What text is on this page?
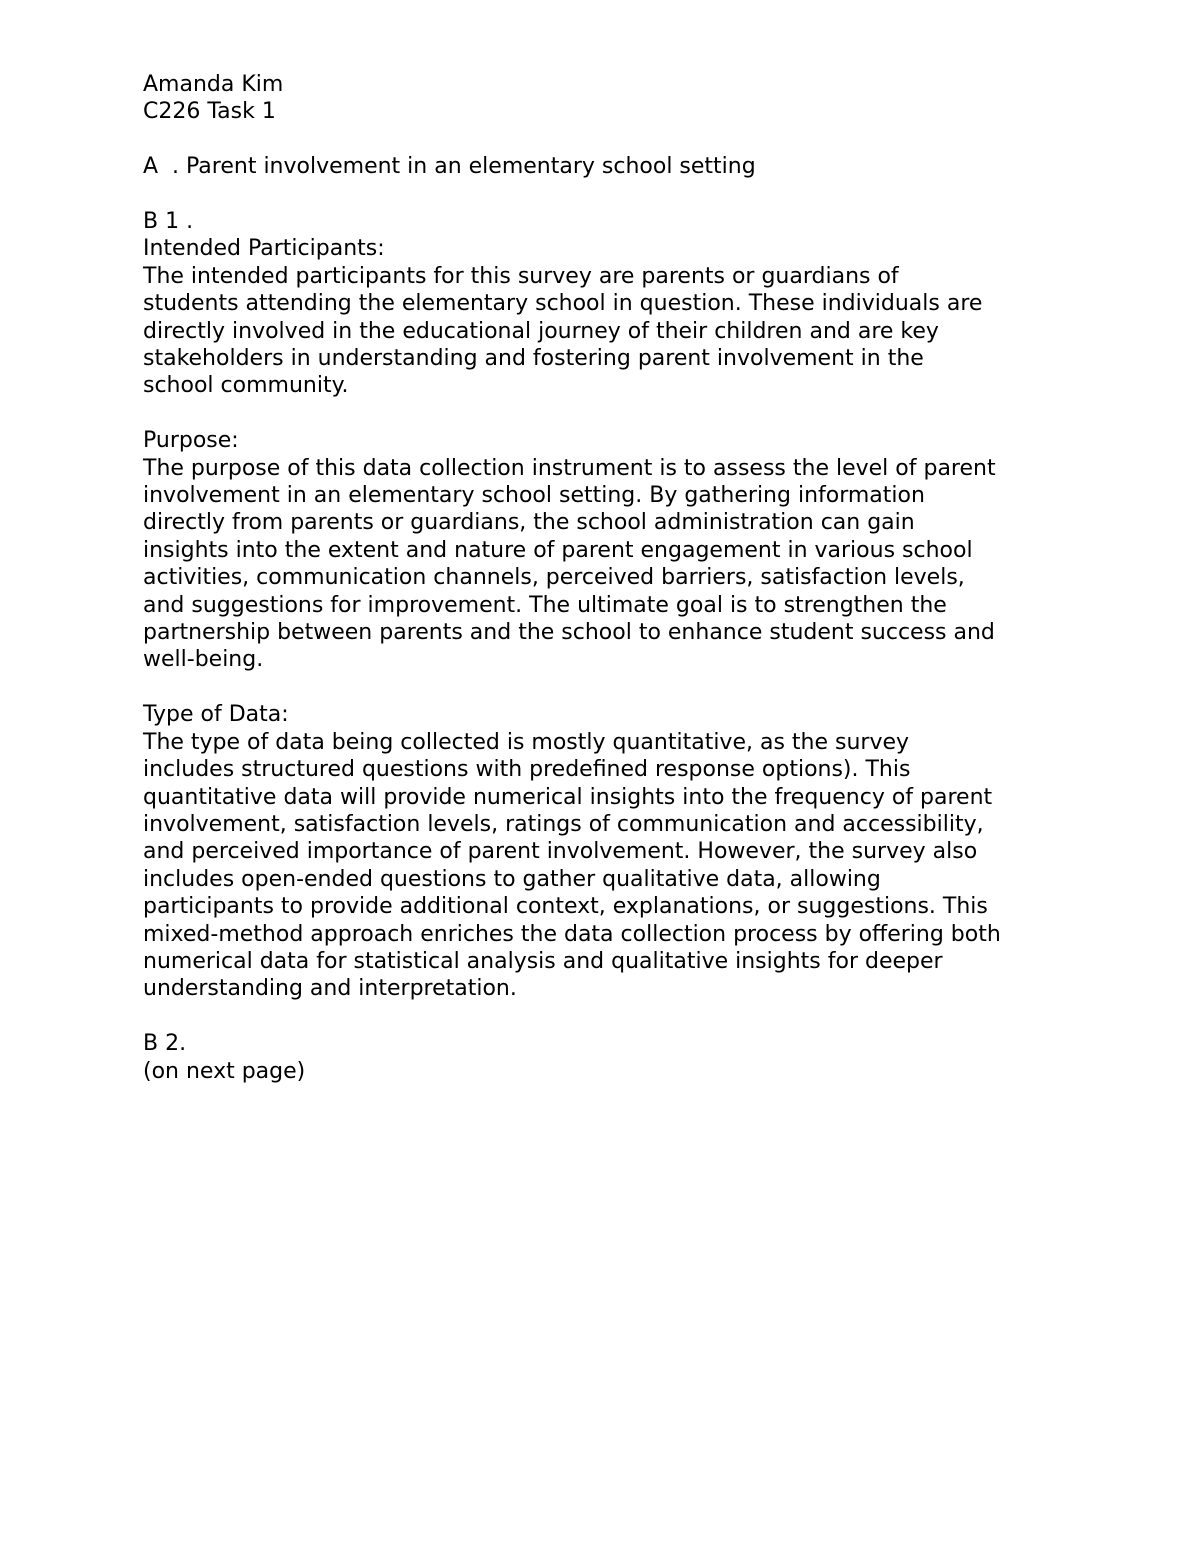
Amanda Kim
C226 Task 1
A  . Parent involvement in an elementary school setting
B 1 .
Intended Participants:
The intended participants for this survey are parents or guardians of
students attending the elementary school in question. These individuals are
directly involved in the educational journey of their children and are key
stakeholders in understanding and fostering parent involvement in the
school community.
Purpose:
The purpose of this data collection instrument is to assess the level of parent
involvement in an elementary school setting. By gathering information
directly from parents or guardians, the school administration can gain
insights into the extent and nature of parent engagement in various school
activities, communication channels, perceived barriers, satisfaction levels,
and suggestions for improvement. The ultimate goal is to strengthen the
partnership between parents and the school to enhance student success and
well-being.
Type of Data:
The type of data being collected is mostly quantitative, as the survey
includes structured questions with predefined response options). This
quantitative data will provide numerical insights into the frequency of parent
involvement, satisfaction levels, ratings of communication and accessibility,
and perceived importance of parent involvement. However, the survey also
includes open-ended questions to gather qualitative data, allowing
participants to provide additional context, explanations, or suggestions. This
mixed-method approach enriches the data collection process by offering both
numerical data for statistical analysis and qualitative insights for deeper
understanding and interpretation.
B 2.
(on next page)
